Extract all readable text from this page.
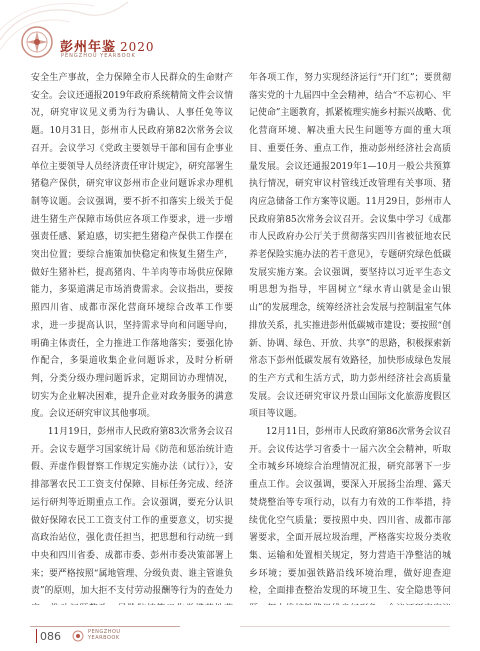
彭州年鉴 2020
PENGZHOU YEARBOOK

安全生产事故，全力保障全市人民群众的生命财产安全。会议还通报2019年政府系统精简文件会议情况，研究审议见义勇为行为确认、人事任免等议题。10月31日，彭州市人民政府第82次常务会议召开。会议学习《党政主要领导干部和国有企事业单位主要领导人员经济责任审计规定》，研究部署生猪稳产保供，研究审议彭州市企业问题诉求办理机制等议题。会议强调，要不折不扣落实上级关于促进生猪生产保障市场供应各项工作要求，进一步增强责任感、紧迫感，切实把生猪稳产保供工作摆在突出位置；要综合施策加快稳定和恢复生猪生产，做好生猪补栏，提高猪肉、牛羊肉等市场供应保障能力，多渠道满足市场消费需求。会议指出，要按照四川省、成都市深化营商环境综合改革工作要求，进一步提高认识，坚持需求导向和问题导向，明确主体责任，全力推进工作落地落实；要强化协作配合，多渠道收集企业问题诉求，及时分析研判，分类分级办理问题诉求，定期回访办理情况，切实为企业解决困难，提升企业对政务服务的满意度。会议还研究审议其他事项。

11月19日，彭州市人民政府第83次常务会议召开。会议专题学习国家统计局《防范和惩治统计造假、弄虚作假督察工作规定实施办法（试行）》，安排部署农民工工资支付保障、目标任务完成、经济运行研判等近期重点工作。会议强调，要充分认识做好保障农民工工资支付工作的重要意义，切实提高政治站位，强化责任担当，把思想和行动统一到中央和四川省委、成都市委、彭州市委决策部署上来；要严格按照“属地管理、分级负责、谁主管谁负责”的原则，加大拒不支付劳动报酬等行为的查处力

年各项工作，努力实现经济运行“开门红”；要贯彻落实党的十九届四中全会精神，结合“不忘初心、牢记使命”主题教育，抓紧梳理实施乡村振兴战略、优化营商环境、解决重大民生问题等方面的重大项目、重要任务、重点工作，推动彭州经济社会高质量发展。会议还通报2019年1—10月一般公共预算执行情况，研究审议村管线迁改管理有关事项、猪肉应急储备工作方案等议题。11月29日，彭州市人民政府第85次常务会议召开。会议集中学习《成都市人民政府办公厅关于贯彻落实四川省被征地农民养老保险实施办法的若干意见》，专题研究绿色低碳发展实施方案。会议强调，要坚持以习近平生态文明思想为指导，牢固树立“绿水青山就是金山银山”的发展理念，统筹经济社会发展与控制温室气体排放关系，扎实推进彭州低碳城市建设；要按照“创新、协调、绿色、开放、共享”的思路，积极探索新常态下彭州低碳发展有效路径，加快形成绿色发展的生产方式和生活方式，助力彭州经济社会高质量发展。会议还研究审议丹景山国际文化旅游度假区项目等议题。

12月11日，彭州市人民政府第86次常务会议召开。会议传达学习省委十一届六次全会精神，听取全市城乡环境综合治理情况汇报，研究部署下一步重点工作。会议强调，要深入开展扬尘治理、露天焚烧整治等专项行动，以有力有效的工作举措，持续优化空气质量；要按照中央、四川省、成都市部署要求，全面开展垃圾治理，严格落实垃圾分类收集、运输和处置相关规定，努力营造干净整洁的城乡环境；要加强铁路沿线环境治理，做好迎查迎检，全面排查整治发现的环境卫生、安全隐患等问

086	PENGZHOU
YEARBOOK
